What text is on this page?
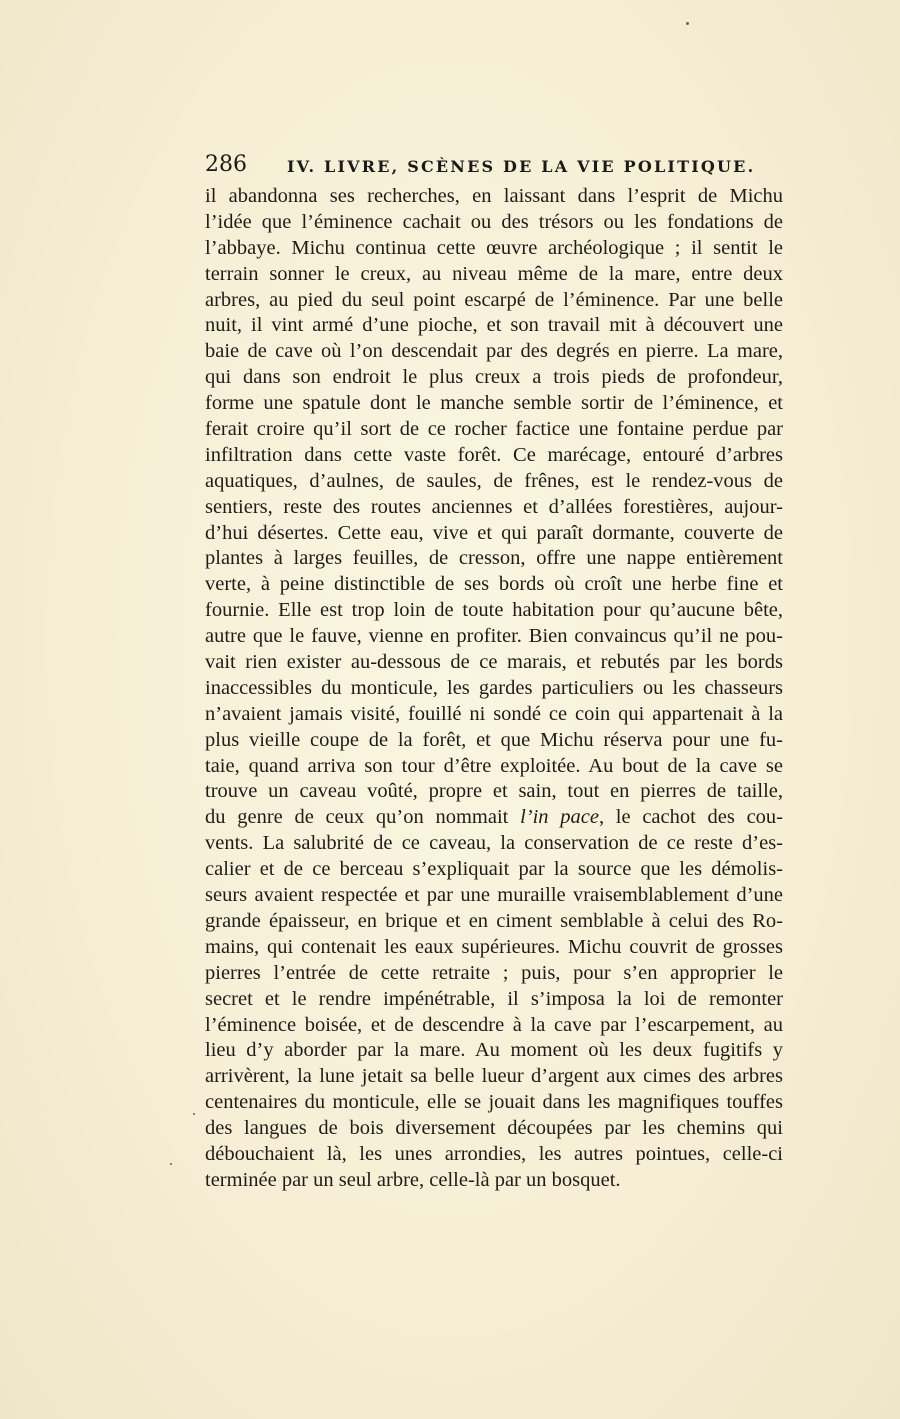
286	IV. LIVRE, SCÈNES DE LA VIE POLITIQUE.
il abandonna ses recherches, en laissant dans l’esprit de Michu
l’idée que l’éminence cachait ou des trésors ou les fondations de
l’abbaye. Michu continua cette œuvre archéologique ; il sentit le
terrain sonner le creux, au niveau même de la mare, entre deux
arbres, au pied du seul point escarpé de l’éminence. Par une belle
nuit, il vint armé d’une pioche, et son travail mit à découvert une
baie de cave où l’on descendait par des degrés en pierre. La mare,
qui dans son endroit le plus creux a trois pieds de profondeur,
forme une spatule dont le manche semble sortir de l’éminence, et
ferait croire qu’il sort de ce rocher factice une fontaine perdue par
infiltration dans cette vaste forêt. Ce marécage, entouré d’arbres
aquatiques, d’aulnes, de saules, de frênes, est le rendez-vous de
sentiers, reste des routes anciennes et d’allées forestières, aujour-
d’hui désertes. Cette eau, vive et qui paraît dormante, couverte de
plantes à larges feuilles, de cresson, offre une nappe entièrement
verte, à peine distinctible de ses bords où croît une herbe fine et
fournie. Elle est trop loin de toute habitation pour qu’aucune bête,
autre que le fauve, vienne en profiter. Bien convaincus qu’il ne pou-
vait rien exister au-dessous de ce marais, et rebutés par les bords
inaccessibles du monticule, les gardes particuliers ou les chasseurs
n’avaient jamais visité, fouillé ni sondé ce coin qui appartenait à la
plus vieille coupe de la forêt, et que Michu réserva pour une fu-
taie, quand arriva son tour d’être exploitée. Au bout de la cave se
trouve un caveau voûté, propre et sain, tout en pierres de taille,
du genre de ceux qu’on nommait l’in pace, le cachot des cou-
vents. La salubrité de ce caveau, la conservation de ce reste d’es-
calier et de ce berceau s’expliquait par la source que les démolis-
seurs avaient respectée et par une muraille vraisemblablement d’une
grande épaisseur, en brique et en ciment semblable à celui des Ro-
mains, qui contenait les eaux supérieures. Michu couvrit de grosses
pierres l’entrée de cette retraite ; puis, pour s’en approprier le
secret et le rendre impénétrable, il s’imposa la loi de remonter
l’éminence boisée, et de descendre à la cave par l’escarpement, au
lieu d’y aborder par la mare. Au moment où les deux fugitifs y
arrivèrent, la lune jetait sa belle lueur d’argent aux cimes des arbres
centenaires du monticule, elle se jouait dans les magnifiques touffes
des langues de bois diversement découpées par les chemins qui
débouchaient là, les unes arrondies, les autres pointues, celle-ci
terminée par un seul arbre, celle-là par un bosquet.
